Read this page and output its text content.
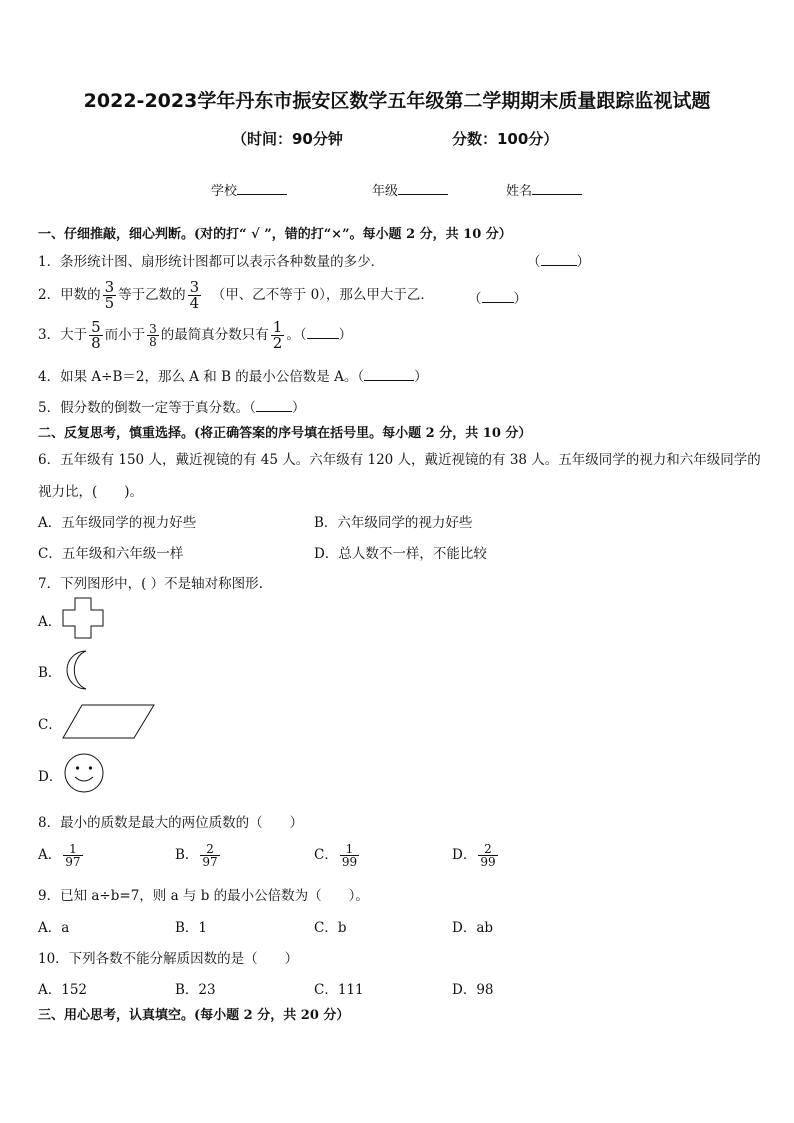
2022-2023学年丹东市振安区数学五年级第二学期期末质量跟踪监视试题
（时间：90分钟	分数：100分）
学校	年级	姓名
一、仔细推敲，细心判断。(对的打“ √ ”，错的打“×”。每小题 2 分，共 10 分）
1．条形统计图、扇形统计图都可以表示各种数量的多少．	（	）
2．甲数的 $\frac{3}{5}$ 等于乙数的 $\frac{3}{4}$ （甲、乙不等于 0），那么甲大于乙．	（ ）
3．大于 $\frac{5}{8}$ 而小于 $\frac{3}{8}$ 的最简真分数只有 $\frac{1}{2}$ 。（ ）
4．如果 A÷B＝2，那么 A 和 B 的最小公倍数是 A。（	）
5．假分数的倒数一定等于真分数。（	）
二、反复思考，慎重选择。(将正确答案的序号填在括号里。每小题 2 分，共 10 分）
6．五年级有 150 人，戴近视镜的有 45 人。六年级有 120 人，戴近视镜的有 38 人。五年级同学的视力和六年级同学的
视力比，(　　)。
A．五年级同学的视力好些	B．六年级同学的视力好些
C．五年级和六年级一样	D．总人数不一样，不能比较
7．下列图形中，( ）不是轴对称图形.
A．
B．
C．
D．
8．最小的质数是最大的两位质数的（　　）
A． $\frac{1}{97}$	B． $\frac{2}{97}$	C． $\frac{1}{99}$	D． $\frac{2}{99}$
9．已知 a÷b=7，则 a 与 b 的最小公倍数为（　　）。
A．a	B．1	C．b	D．ab
10．下列各数不能分解质因数的是（　　）
A．152	B．23	C．111	D．98
三、用心思考，认真填空。(每小题 2 分，共 20 分）
